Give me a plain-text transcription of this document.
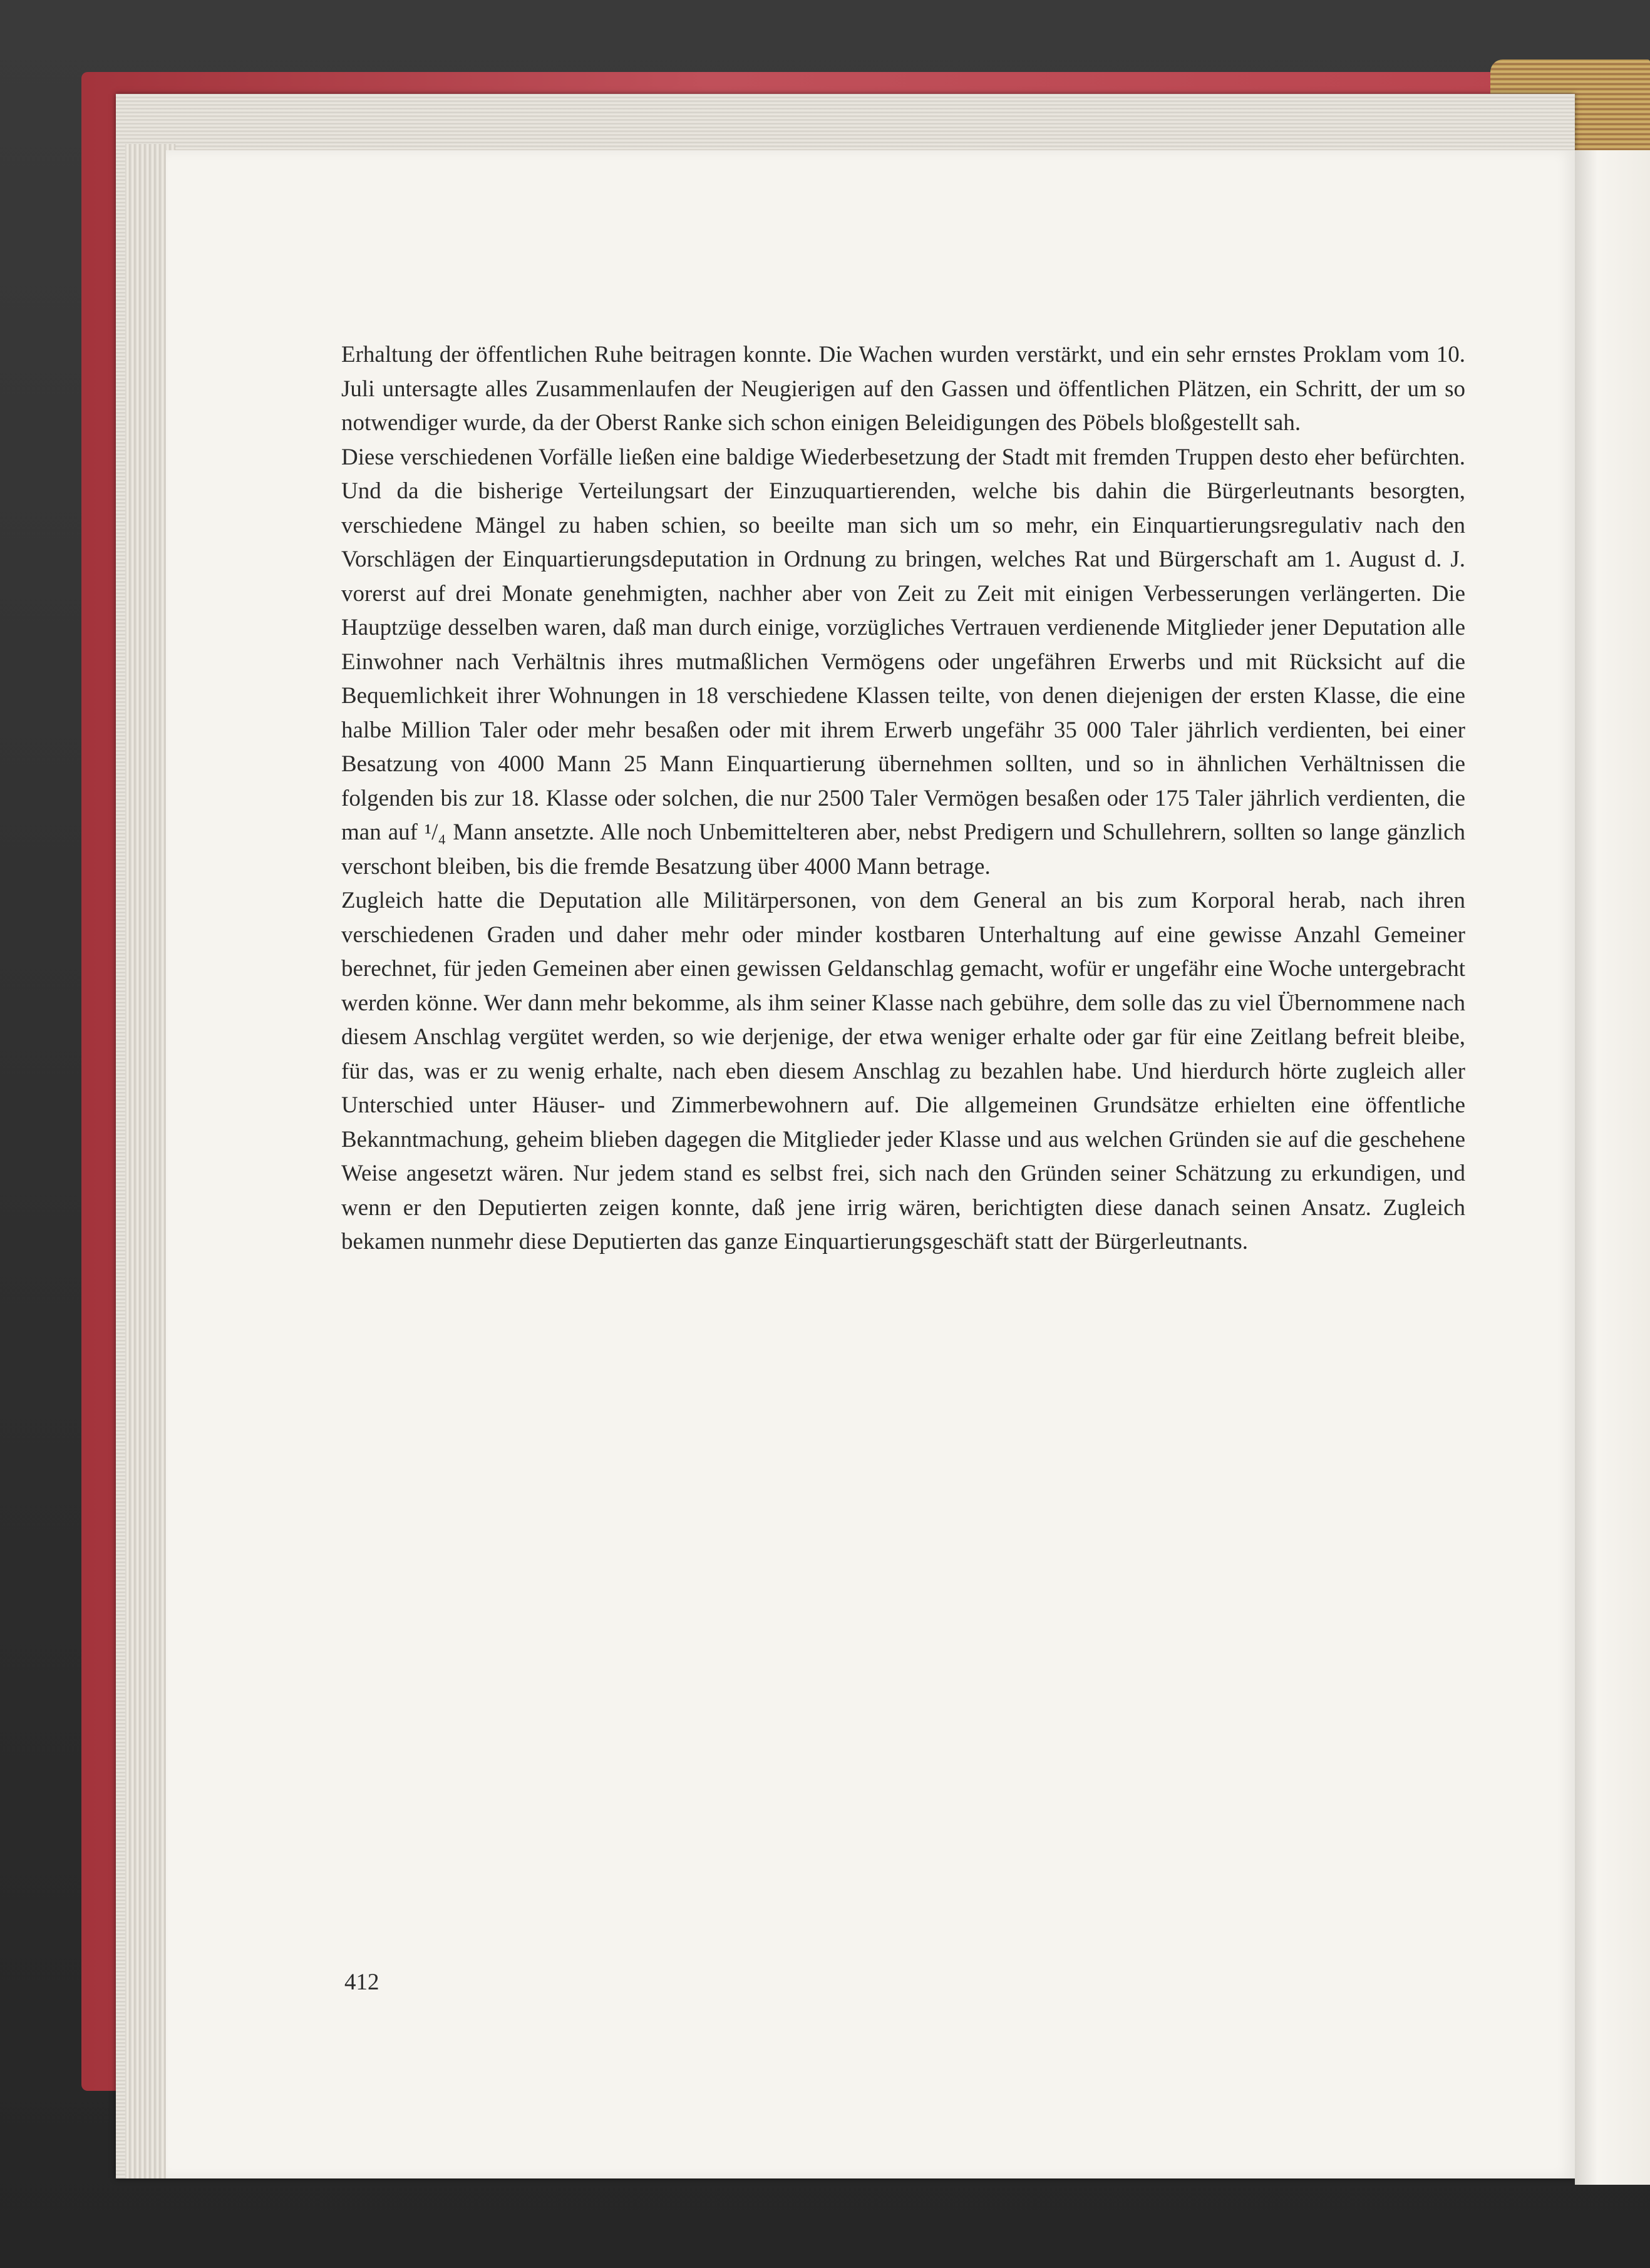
Erhaltung der öffentlichen Ruhe beitragen konnte. Die Wachen wurden verstärkt, und ein sehr ernstes Proklam vom 10. Juli untersagte alles Zusammenlaufen der Neugierigen auf den Gassen und öffentlichen Plätzen, ein Schritt, der um so notwendiger wurde, da der Oberst Ranke sich schon einigen Beleidigungen des Pöbels bloßgestellt sah.

Diese verschiedenen Vorfälle ließen eine baldige Wiederbesetzung der Stadt mit fremden Truppen desto eher befürchten. Und da die bisherige Verteilungsart der Einzuquartierenden, welche bis dahin die Bürgerleutnants besorgten, verschiedene Mängel zu haben schien, so beeilte man sich um so mehr, ein Einquartierungsregulativ nach den Vorschlägen der Einquartierungsdeputation in Ordnung zu bringen, welches Rat und Bürgerschaft am 1. August d. J. vorerst auf drei Monate genehmigten, nachher aber von Zeit zu Zeit mit einigen Verbesserungen verlängerten. Die Hauptzüge desselben waren, daß man durch einige, vorzügliches Vertrauen verdienende Mitglieder jener Deputation alle Einwohner nach Verhältnis ihres mutmaßlichen Vermögens oder ungefähren Erwerbs und mit Rücksicht auf die Bequemlichkeit ihrer Wohnungen in 18 verschiedene Klassen teilte, von denen diejenigen der ersten Klasse, die eine halbe Million Taler oder mehr besaßen oder mit ihrem Erwerb ungefähr 35 000 Taler jährlich verdienten, bei einer Besatzung von 4000 Mann 25 Mann Einquartierung übernehmen sollten, und so in ähnlichen Verhältnissen die folgenden bis zur 18. Klasse oder solchen, die nur 2500 Taler Vermögen besaßen oder 175 Taler jährlich verdienten, die man auf ¹/₄ Mann ansetzte. Alle noch Unbemittelteren aber, nebst Predigern und Schullehrern, sollten so lange gänzlich verschont bleiben, bis die fremde Besatzung über 4000 Mann betrage.

Zugleich hatte die Deputation alle Militärpersonen, von dem General an bis zum Korporal herab, nach ihren verschiedenen Graden und daher mehr oder minder kostbaren Unterhaltung auf eine gewisse Anzahl Gemeiner berechnet, für jeden Gemeinen aber einen gewissen Geldanschlag gemacht, wofür er ungefähr eine Woche untergebracht werden könne. Wer dann mehr bekomme, als ihm seiner Klasse nach gebühre, dem solle das zu viel Übernommene nach diesem Anschlag vergütet werden, so wie derjenige, der etwa weniger erhalte oder gar für eine Zeitlang befreit bleibe, für das, was er zu wenig erhalte, nach eben diesem Anschlag zu bezahlen habe. Und hierdurch hörte zugleich aller Unterschied unter Häuser- und Zimmerbewohnern auf. Die allgemeinen Grundsätze erhielten eine öffentliche Bekanntmachung, geheim blieben dagegen die Mitglieder jeder Klasse und aus welchen Gründen sie auf die geschehene Weise angesetzt wären. Nur jedem stand es selbst frei, sich nach den Gründen seiner Schätzung zu erkundigen, und wenn er den Deputierten zeigen konnte, daß jene irrig wären, berichtigten diese danach seinen Ansatz. Zugleich bekamen nunmehr diese Deputierten das ganze Einquartierungsgeschäft statt der Bürgerleutnants.

412
